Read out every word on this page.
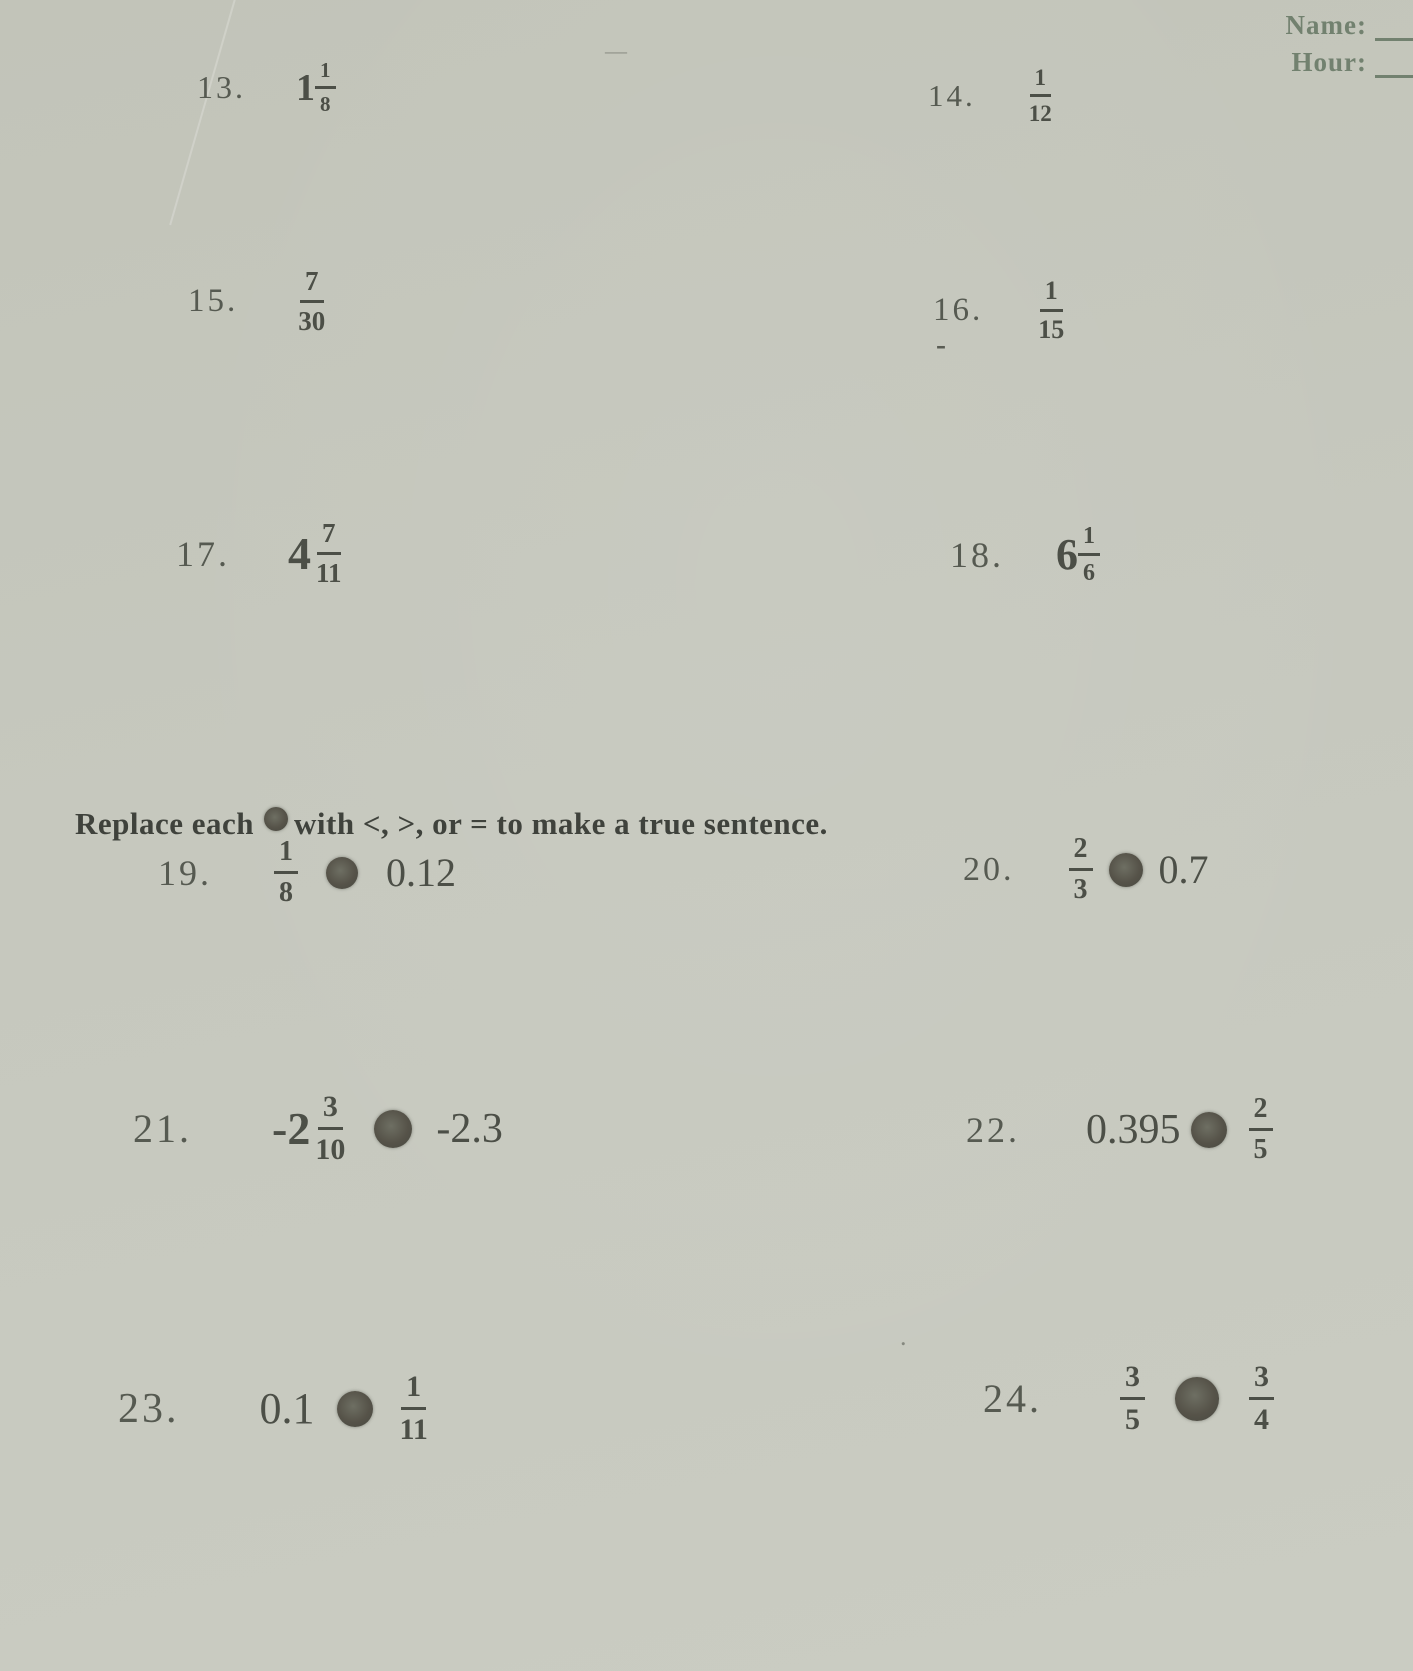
Name:
Hour:
—
.
13. $1 \frac{1}{8}$	14. $\frac{1}{12}$
15. $\frac{7}{30}$	16. $\frac{1}{15}$
-
17. $4 \frac{7}{11}$	18. $6 \frac{1}{6}$
Replace each with <, >, or = to make a true sentence.
19. $\frac{1}{8} 0.12$	20. $\frac{2}{3} 0.7$
21. $-2 \frac{3}{10} -2.3$	22. $0.395 \frac{2}{5}$
23. 0.1	$\frac{1}{11}$	24.	$\frac{3}{5}$	$\frac{3}{4}$
